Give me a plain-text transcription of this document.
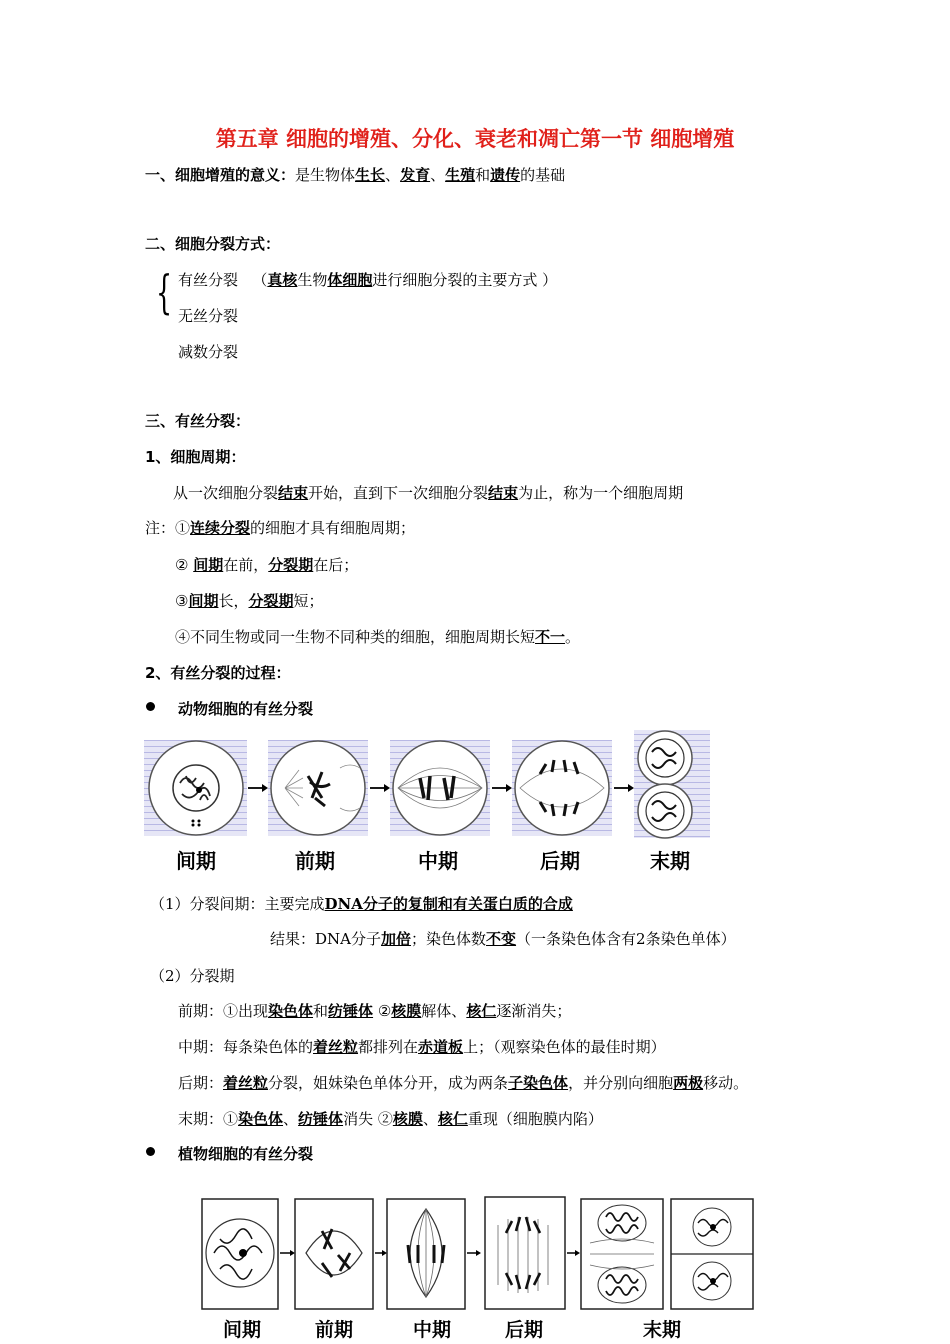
第五章 细胞的增殖、分化、衰老和凋亡第一节 细胞增殖
一、细胞增殖的意义：是生物体生长、发育、生殖和遗传的基础
二、细胞分裂方式：
{ 有丝分裂 （真核生物体细胞进行细胞分裂的主要方式 ）
无丝分裂
减数分裂
三、有丝分裂：
1、细胞周期：
从一次细胞分裂结束开始，直到下一次细胞分裂结束为止，称为一个细胞周期
注：①连续分裂的细胞才具有细胞周期；
② 间期在前，分裂期在后；
③间期长，分裂期短；
④不同生物或同一生物不同种类的细胞，细胞周期长短不一。
2、有丝分裂的过程：
动物细胞的有丝分裂
间期	前期	中期	后期	末期
（1）分裂间期：主要完成DNA分子的复制和有关蛋白质的合成
结果：DNA分子加倍；染色体数不变（一条染色体含有2条染色单体）
（2）分裂期
前期：①出现染色体和纺锤体 ②核膜解体、核仁逐渐消失；
中期：每条染色体的着丝粒都排列在赤道板上；（观察染色体的最佳时期）
后期：着丝粒分裂，姐妹染色单体分开，成为两条子染色体，并分别向细胞两极移动。
末期：①染色体、纺锤体消失 ②核膜、核仁重现（细胞膜内陷）
植物细胞的有丝分裂
间期	前期	中期	后期	末期
